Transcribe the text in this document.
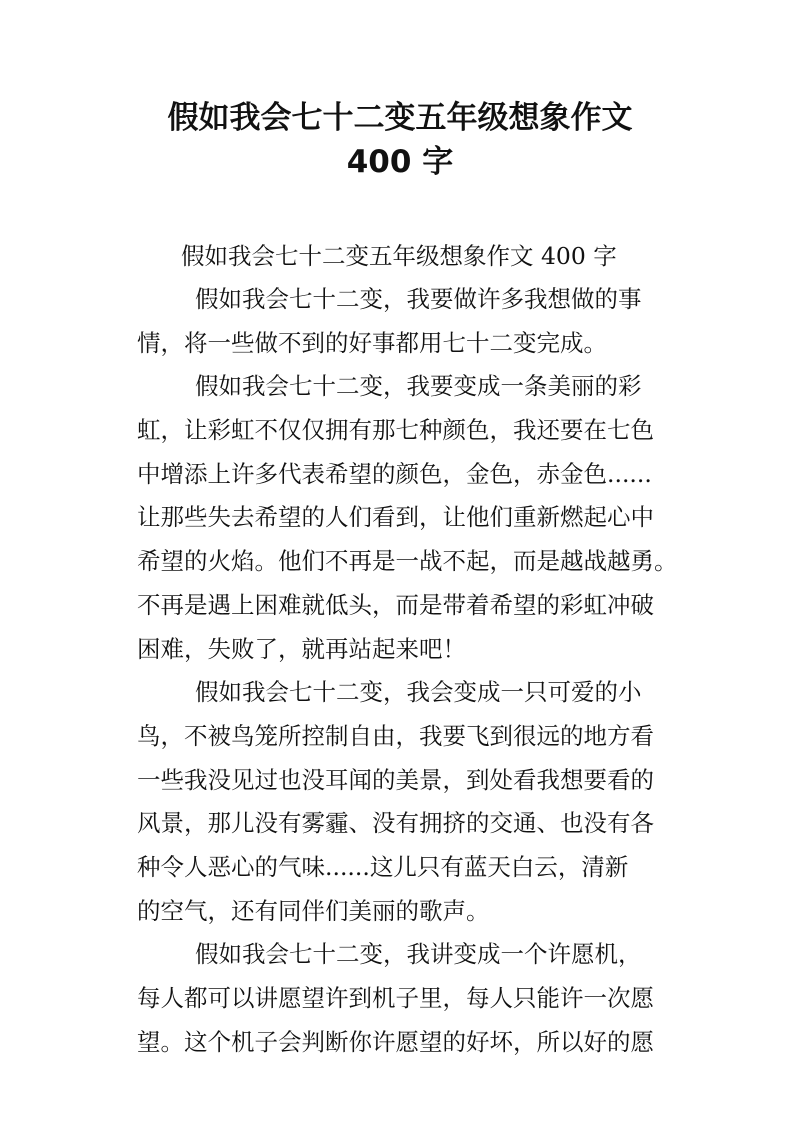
假如我会七十二变五年级想象作文
400 字

假如我会七十二变五年级想象作文 400 字

假如我会七十二变，我要做许多我想做的事
情，将一些做不到的好事都用七十二变完成。

假如我会七十二变，我要变成一条美丽的彩
虹，让彩虹不仅仅拥有那七种颜色，我还要在七色
中增添上许多代表希望的颜色，金色，赤金色......
让那些失去希望的人们看到，让他们重新燃起心中
希望的火焰。他们不再是一战不起，而是越战越勇。
不再是遇上困难就低头，而是带着希望的彩虹冲破
困难，失败了，就再站起来吧！

假如我会七十二变，我会变成一只可爱的小
鸟，不被鸟笼所控制自由，我要飞到很远的地方看
一些我没见过也没耳闻的美景，到处看我想要看的
风景，那儿没有雾霾、没有拥挤的交通、也没有各
种令人恶心的气味......这儿只有蓝天白云，清新
的空气，还有同伴们美丽的歌声。

假如我会七十二变，我讲变成一个许愿机，
每人都可以讲愿望许到机子里，每人只能许一次愿
望。这个机子会判断你许愿望的好坏，所以好的愿
